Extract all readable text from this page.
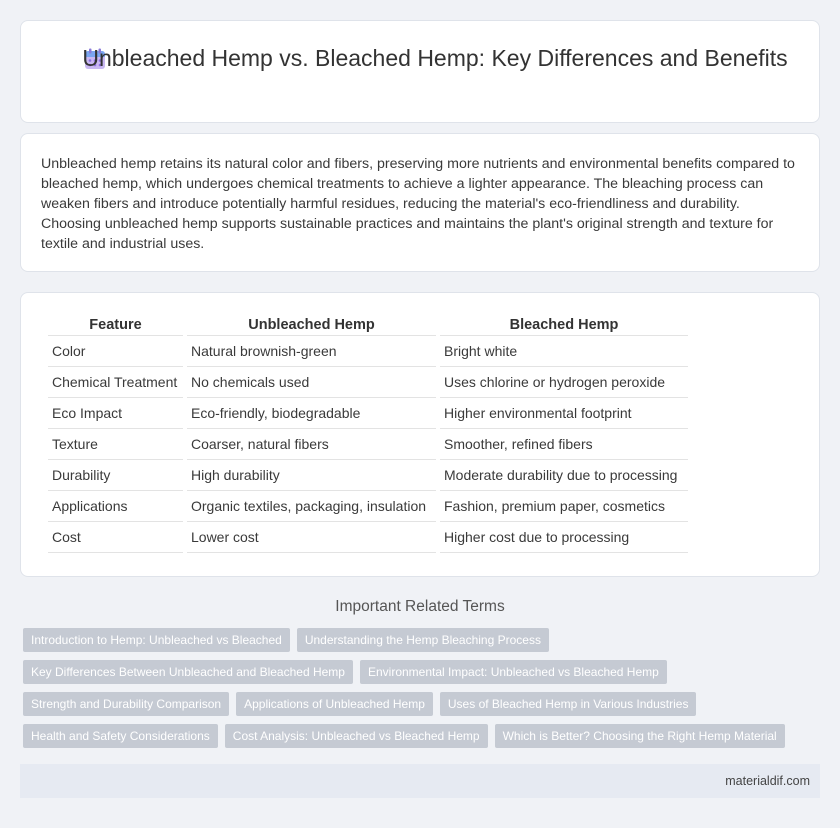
Unbleached Hemp vs. Bleached Hemp: Key Differences and Benefits

Unbleached hemp retains its natural color and fibers, preserving more nutrients and environmental benefits compared to bleached hemp, which undergoes chemical treatments to achieve a lighter appearance. The bleaching process can weaken fibers and introduce potentially harmful residues, reducing the material's eco-friendliness and durability. Choosing unbleached hemp supports sustainable practices and maintains the plant's original strength and texture for textile and industrial uses.

Feature	Unbleached Hemp	Bleached Hemp
Color	Natural brownish-green	Bright white
Chemical Treatment	No chemicals used	Uses chlorine or hydrogen peroxide
Eco Impact	Eco-friendly, biodegradable	Higher environmental footprint
Texture	Coarser, natural fibers	Smoother, refined fibers
Durability	High durability	Moderate durability due to processing
Applications	Organic textiles, packaging, insulation	Fashion, premium paper, cosmetics
Cost	Lower cost	Higher cost due to processing
Important Related Terms
Introduction to Hemp: Unbleached vs Bleached	Understanding the Hemp Bleaching Process
Key Differences Between Unbleached and Bleached Hemp	Environmental Impact: Unbleached vs Bleached Hemp
Strength and Durability Comparison	Applications of Unbleached Hemp	Uses of Bleached Hemp in Various Industries
Health and Safety Considerations	Cost Analysis: Unbleached vs Bleached Hemp	Which is Better? Choosing the Right Hemp Material
materialdif.com
